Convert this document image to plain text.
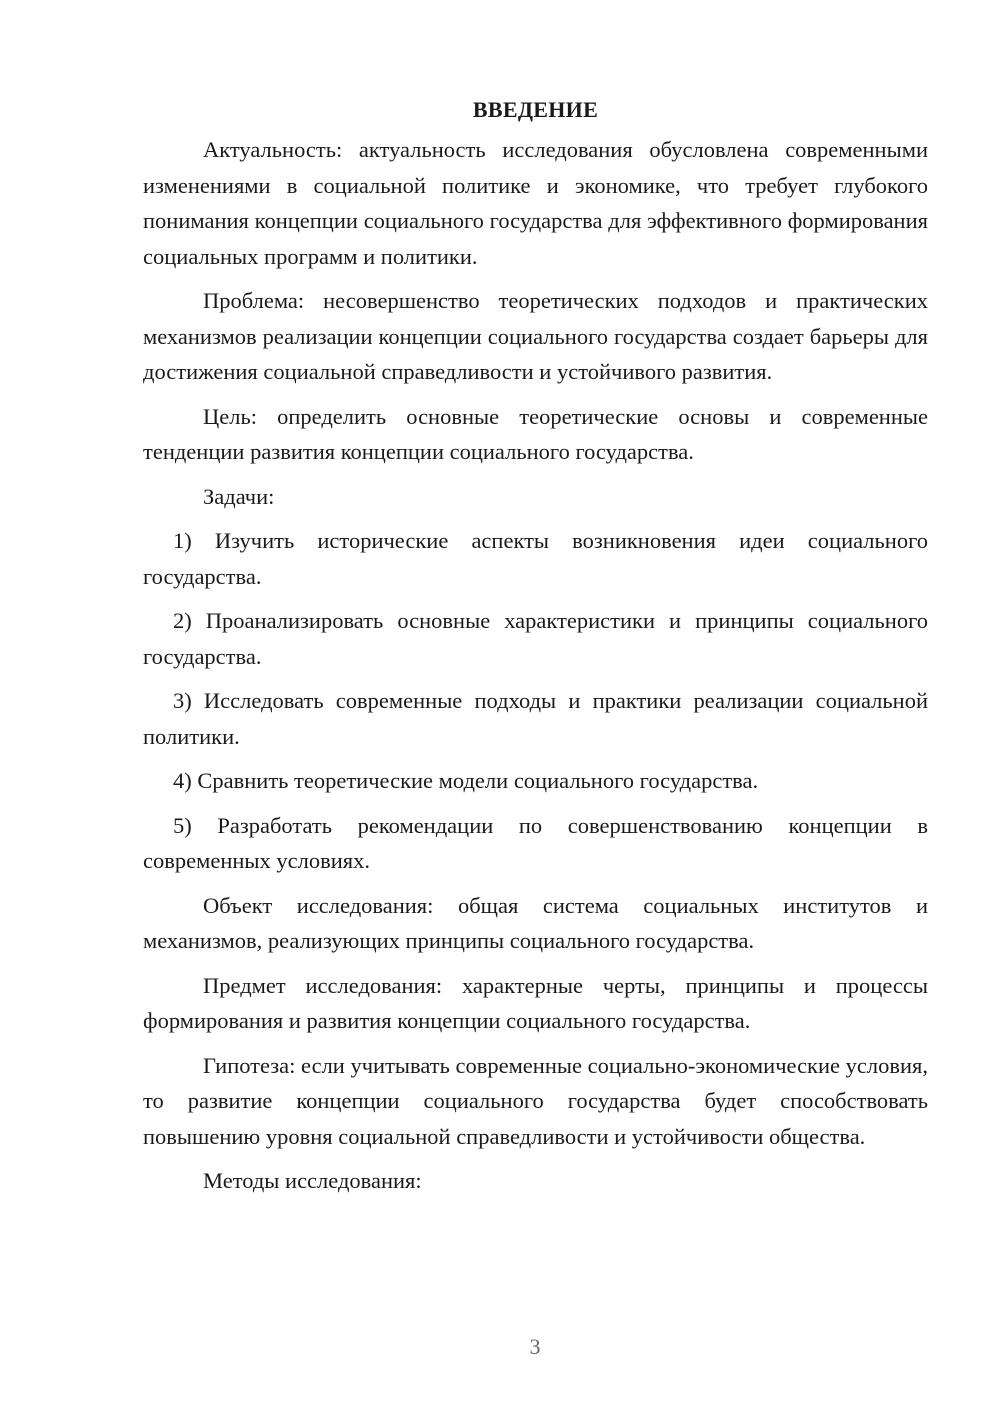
ВВЕДЕНИЕ

Актуальность: актуальность исследования обусловлена современными изменениями в социальной политике и экономике, что требует глубокого понимания концепции социального государства для эффективного формирования социальных программ и политики.

Проблема: несовершенство теоретических подходов и практических механизмов реализации концепции социального государства создает барьеры для достижения социальной справедливости и устойчивого развития.

Цель: определить основные теоретические основы и современные тенденции развития концепции социального государства.

Задачи:

1) Изучить исторические аспекты возникновения идеи социального государства.

2) Проанализировать основные характеристики и принципы социального государства.

3) Исследовать современные подходы и практики реализации социальной политики.

4) Сравнить теоретические модели социального государства.

5) Разработать рекомендации по совершенствованию концепции в современных условиях.

Объект исследования: общая система социальных институтов и механизмов, реализующих принципы социального государства.

Предмет исследования: характерные черты, принципы и процессы формирования и развития концепции социального государства.

Гипотеза: если учитывать современные социально-экономические условия, то развитие концепции социального государства будет способствовать повышению уровня социальной справедливости и устойчивости общества.

Методы исследования:

3
